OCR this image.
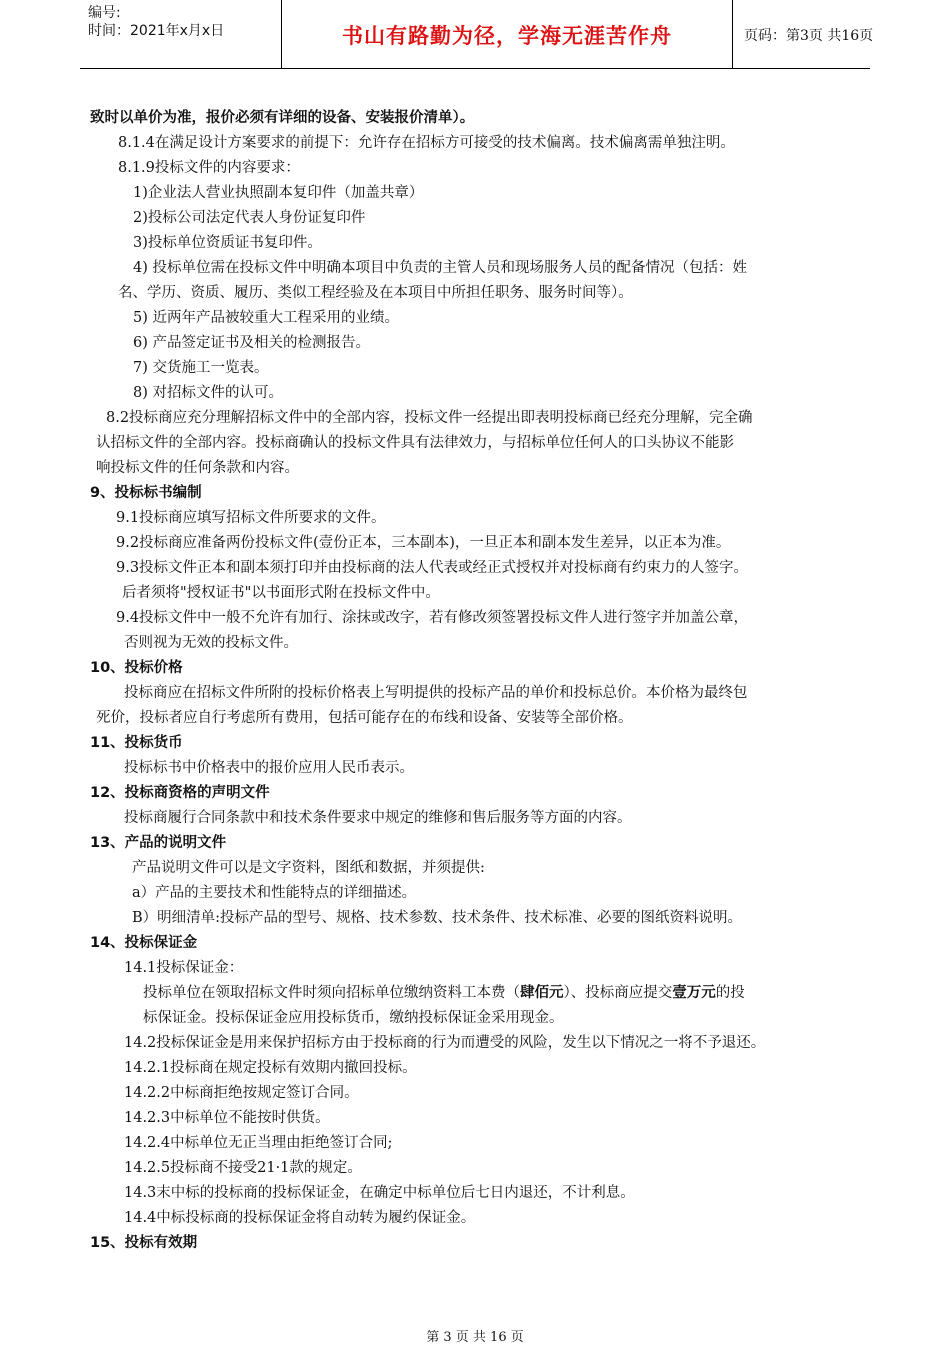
编号:
时间：2021年x月x日	书山有路勤为径，学海无涯苦作舟	页码：第3页 共16页
致时以单价为准，报价必须有详细的设备、安装报价清单）。
8.1.4在满足设计方案要求的前提下：允许存在招标方可接受的技术偏离。技术偏离需单独注明。
8.1.9投标文件的内容要求：
1)企业法人营业执照副本复印件（加盖共章）
2)投标公司法定代表人身份证复印件
3)投标单位资质证书复印件。
4) 投标单位需在投标文件中明确本项目中负责的主管人员和现场服务人员的配备情况（包括：姓
名、学历、资质、履历、类似工程经验及在本项目中所担任职务、服务时间等）。
5) 近两年产品被较重大工程采用的业绩。
6) 产品签定证书及相关的检测报告。
7) 交货施工一览表。
8) 对招标文件的认可。
8.2投标商应充分理解招标文件中的全部内容，投标文件一经提出即表明投标商已经充分理解，完全确
认招标文件的全部内容。投标商确认的投标文件具有法律效力，与招标单位任何人的口头协议不能影
响投标文件的任何条款和内容。
9、投标标书编制
9.1投标商应填写招标文件所要求的文件。
9.2投标商应准备两份投标文件(壹份正本，三本副本)，一旦正本和副本发生差异，以正本为准。
9.3投标文件正本和副本须打印并由投标商的法人代表或经正式授权并对投标商有约束力的人签字。
后者须将"授权证书"以书面形式附在投标文件中。
9.4投标文件中一般不允许有加行、涂抹或改字，若有修改须签署投标文件人进行签字并加盖公章，
否则视为无效的投标文件。
10、投标价格
投标商应在招标文件所附的投标价格表上写明提供的投标产品的单价和投标总价。本价格为最终包
死价，投标者应自行考虑所有费用，包括可能存在的布线和设备、安装等全部价格。
11、投标货币
投标标书中价格表中的报价应用人民币表示。
12、投标商资格的声明文件
投标商履行合同条款中和技术条件要求中规定的维修和售后服务等方面的内容。
13、产品的说明文件
产品说明文件可以是文字资料，图纸和数据，并须提供:
a）产品的主要技术和性能特点的详细描述。
B）明细清单:投标产品的型号、规格、技术参数、技术条件、技术标准、必要的图纸资料说明。
14、投标保证金
14.1投标保证金：
投标单位在领取招标文件时须向招标单位缴纳资料工本费（肆佰元）、投标商应提交壹万元的投
标保证金。投标保证金应用投标货币，缴纳投标保证金采用现金。
14.2投标保证金是用来保护招标方由于投标商的行为而遭受的风险，发生以下情况之一将不予退还。
14.2.1投标商在规定投标有效期内撤回投标。
14.2.2中标商拒绝按规定签订合同。
14.2.3中标单位不能按时供货。
14.2.4中标单位无正当理由拒绝签订合同;
14.2.5投标商不接受21·1款的规定。
14.3末中标的投标商的投标保证金，在确定中标单位后七日内退还，不计利息。
14.4中标投标商的投标保证金将自动转为履约保证金。
15、投标有效期
第 3 页 共 16 页
